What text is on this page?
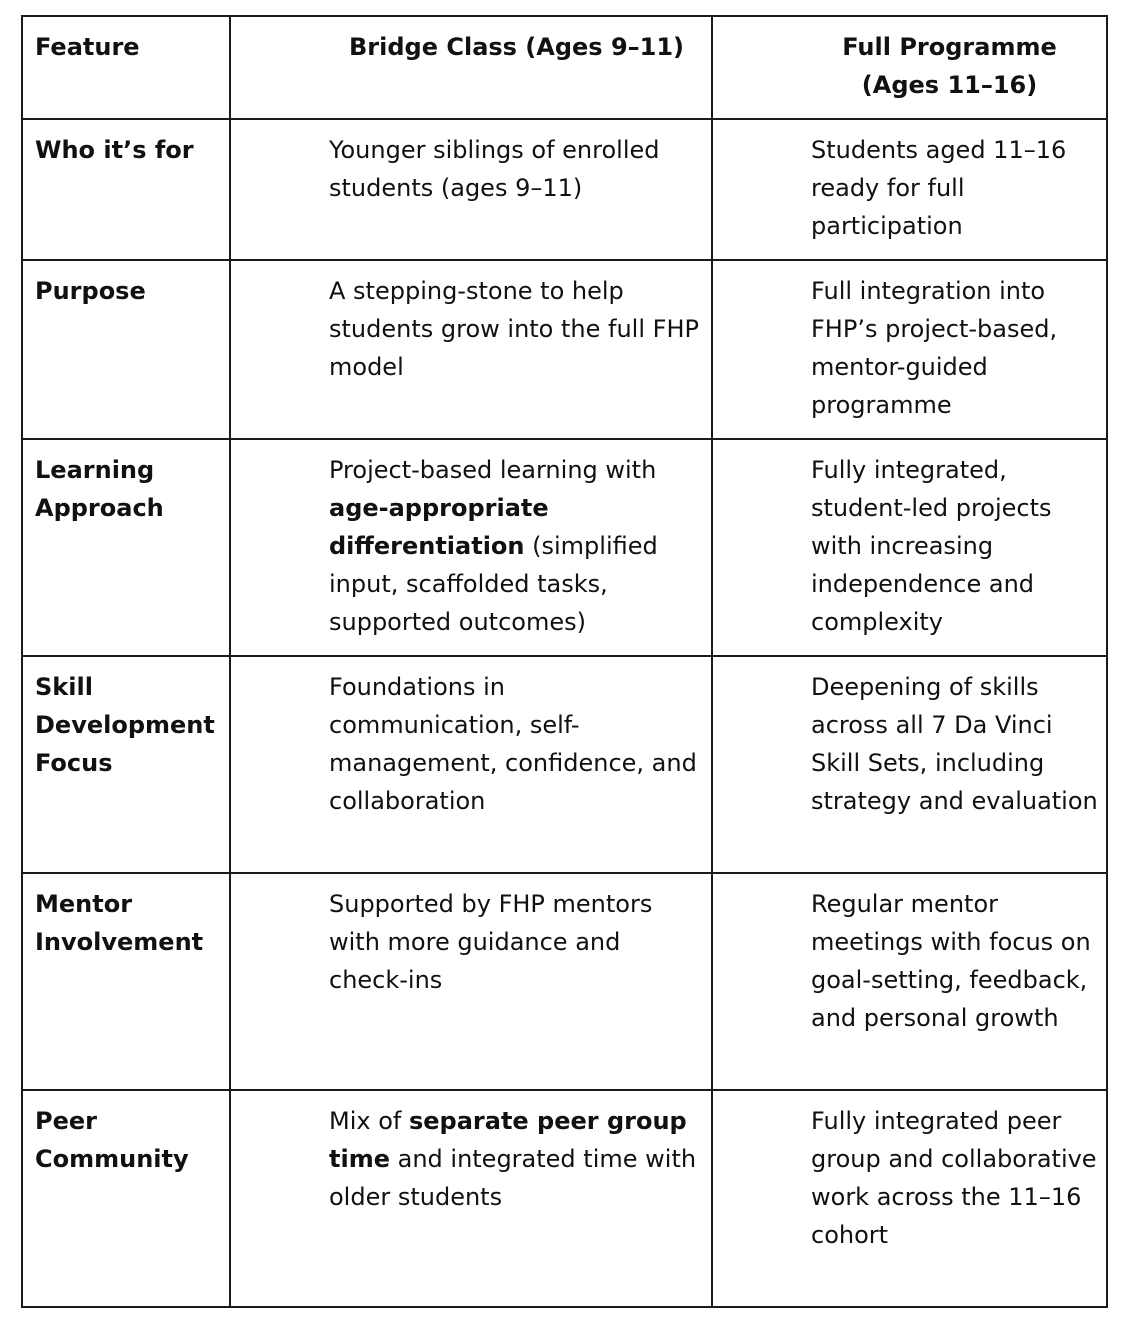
Feature	Bridge Class (Ages 9–11)	Full Programme
(Ages 11–16)

Who it’s for	Younger siblings of enrolled students (ages 9–11)	Students aged 11–16 ready for full participation

Purpose	A stepping-stone to help students grow into the full FHP model	Full integration into FHP’s project-based, mentor-guided programme

Learning Approach	Project-based learning with age-appropriate differentiation (simplified input, scaffolded tasks, supported outcomes)	Fully integrated, student-led projects with increasing independence and complexity

Skill Development Focus	Foundations in communication, self-management, confidence, and collaboration	Deepening of skills across all 7 Da Vinci Skill Sets, including strategy and evaluation

Mentor Involvement	Supported by FHP mentors with more guidance and check-ins	Regular mentor meetings with focus on goal-setting, feedback, and personal growth

Peer Community	Mix of separate peer group time and integrated time with older students	Fully integrated peer group and collaborative work across the 11–16 cohort
